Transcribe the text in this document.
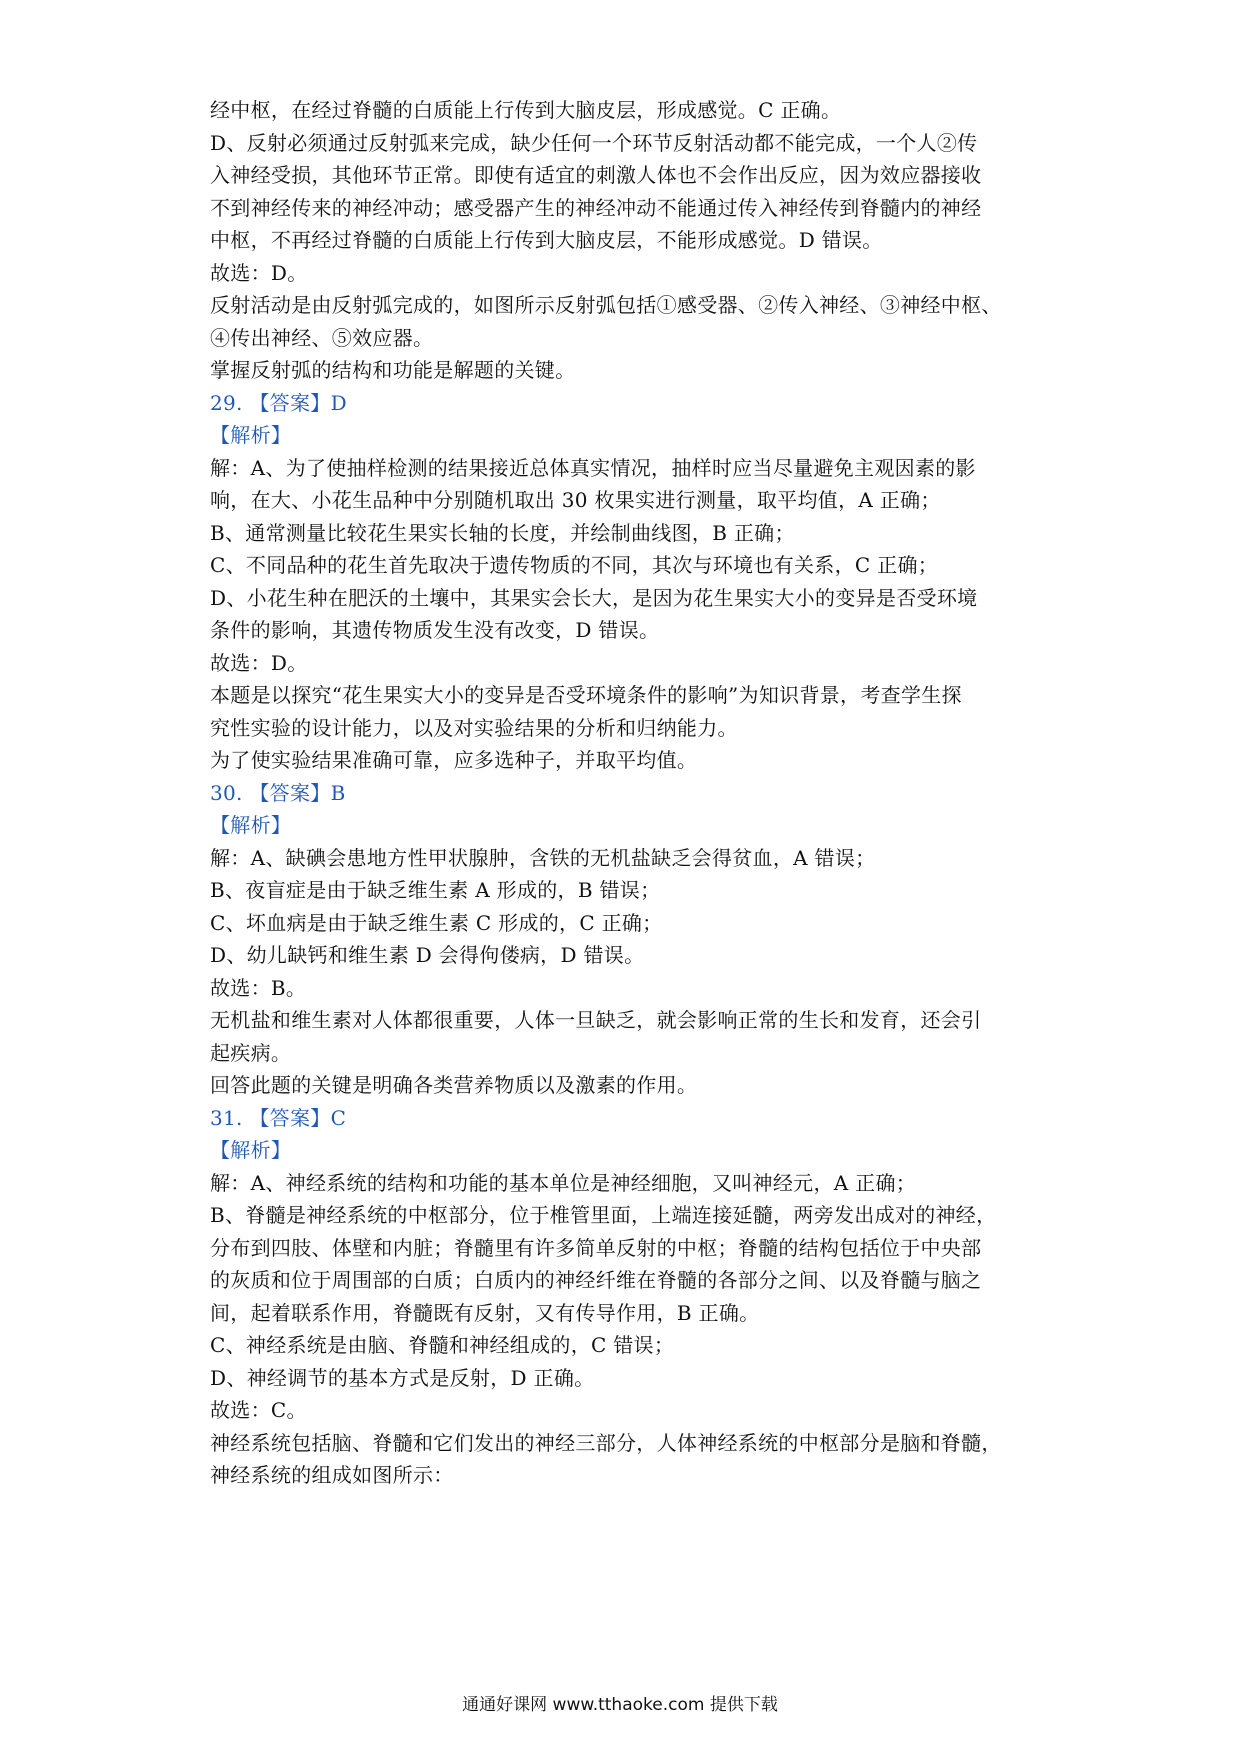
经中枢，在经过脊髓的白质能上行传到大脑皮层，形成感觉。C 正确。

D、反射必须通过反射弧来完成，缺少任何一个环节反射活动都不能完成，一个人②传

入神经受损，其他环节正常。即使有适宜的刺激人体也不会作出反应，因为效应器接收

不到神经传来的神经冲动；感受器产生的神经冲动不能通过传入神经传到脊髓内的神经

中枢，不再经过脊髓的白质能上行传到大脑皮层，不能形成感觉。D 错误。

故选：D。

反射活动是由反射弧完成的，如图所示反射弧包括①感受器、②传入神经、③神经中枢、

④传出神经、⑤效应器。

掌握反射弧的结构和功能是解题的关键。

29. 【答案】D

【解析】

解：A、为了使抽样检测的结果接近总体真实情况，抽样时应当尽量避免主观因素的影

响，在大、小花生品种中分别随机取出 30 枚果实进行测量，取平均值，A 正确；

B、通常测量比较花生果实长轴的长度，并绘制曲线图，B 正确；

C、不同品种的花生首先取决于遗传物质的不同，其次与环境也有关系，C 正确；

D、小花生种在肥沃的土壤中，其果实会长大，是因为花生果实大小的变异是否受环境

条件的影响，其遗传物质发生没有改变，D 错误。

故选：D。

本题是以探究“花生果实大小的变异是否受环境条件的影响”为知识背景，考查学生探

究性实验的设计能力，以及对实验结果的分析和归纳能力。

为了使实验结果准确可靠，应多选种子，并取平均值。

30. 【答案】B

【解析】

解：A、缺碘会患地方性甲状腺肿，含铁的无机盐缺乏会得贫血，A 错误；

B、夜盲症是由于缺乏维生素 A 形成的，B 错误；

C、坏血病是由于缺乏维生素 C 形成的，C 正确；

D、幼儿缺钙和维生素 D 会得佝偻病，D 错误。

故选：B。

无机盐和维生素对人体都很重要，人体一旦缺乏，就会影响正常的生长和发育，还会引

起疾病。

回答此题的关键是明确各类营养物质以及激素的作用。

31. 【答案】C

【解析】

解：A、神经系统的结构和功能的基本单位是神经细胞，又叫神经元，A 正确；

B、脊髓是神经系统的中枢部分，位于椎管里面，上端连接延髓，两旁发出成对的神经，

分布到四肢、体壁和内脏；脊髓里有许多简单反射的中枢；脊髓的结构包括位于中央部

的灰质和位于周围部的白质；白质内的神经纤维在脊髓的各部分之间、以及脊髓与脑之

间，起着联系作用，脊髓既有反射，又有传导作用，B 正确。

C、神经系统是由脑、脊髓和神经组成的，C 错误；

D、神经调节的基本方式是反射，D 正确。

故选：C。

神经系统包括脑、脊髓和它们发出的神经三部分，人体神经系统的中枢部分是脑和脊髓，

神经系统的组成如图所示：

通通好课网 www.tthaoke.com 提供下载
